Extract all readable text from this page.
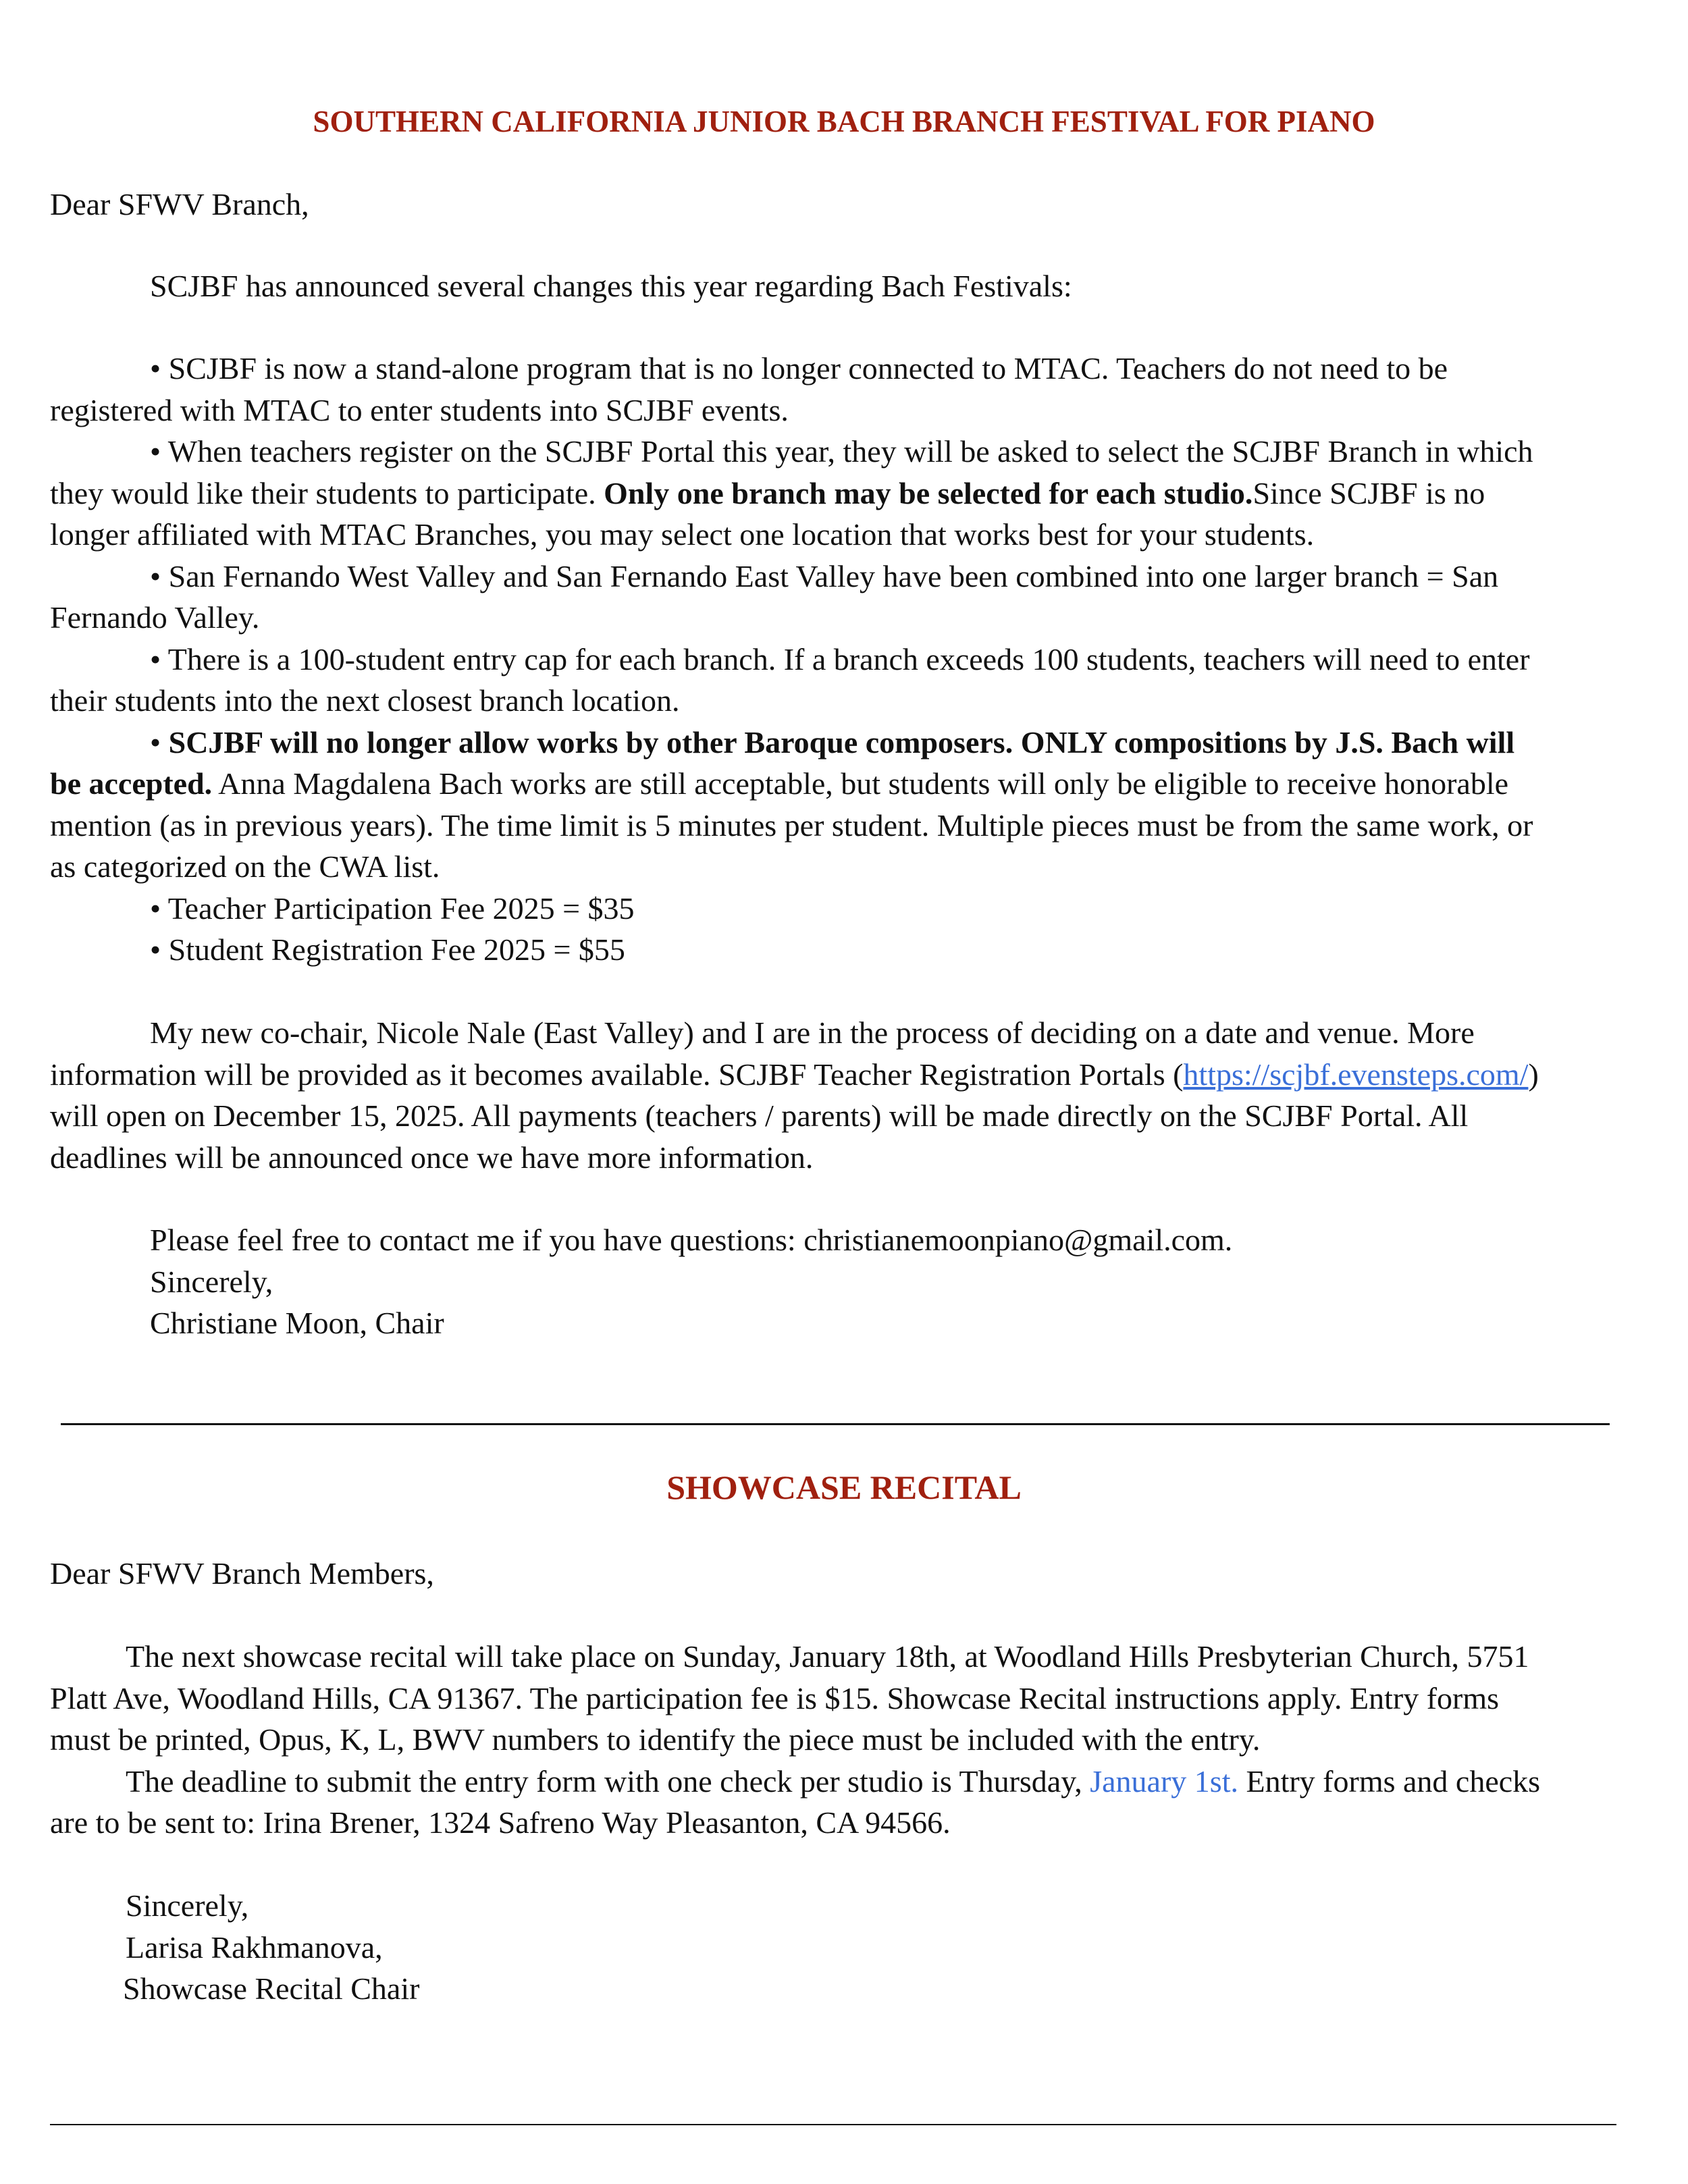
SOUTHERN CALIFORNIA JUNIOR BACH BRANCH FESTIVAL FOR PIANO
Dear SFWV Branch,
SCJBF has announced several changes this year regarding Bach Festivals:
• SCJBF is now a stand-alone program that is no longer connected to MTAC. Teachers do not need to be
registered with MTAC to enter students into SCJBF events.
• When teachers register on the SCJBF Portal this year, they will be asked to select the SCJBF Branch in which
they would like their students to participate. Only one branch may be selected for each studio.Since SCJBF is no
longer affiliated with MTAC Branches, you may select one location that works best for your students.
• San Fernando West Valley and San Fernando East Valley have been combined into one larger branch = San
Fernando Valley.
• There is a 100-student entry cap for each branch. If a branch exceeds 100 students, teachers will need to enter
their students into the next closest branch location.
• SCJBF will no longer allow works by other Baroque composers. ONLY compositions by J.S. Bach will
be accepted. Anna Magdalena Bach works are still acceptable, but students will only be eligible to receive honorable
mention (as in previous years). The time limit is 5 minutes per student. Multiple pieces must be from the same work, or
as categorized on the CWA list.
• Teacher Participation Fee 2025 = $35
• Student Registration Fee 2025 = $55
My new co-chair, Nicole Nale (East Valley) and I are in the process of deciding on a date and venue. More
information will be provided as it becomes available. SCJBF Teacher Registration Portals (https://scjbf.evensteps.com/)
will open on December 15, 2025. All payments (teachers / parents) will be made directly on the SCJBF Portal. All
deadlines will be announced once we have more information.
Please feel free to contact me if you have questions: christianemoonpiano@gmail.com.
Sincerely,
Christiane Moon, Chair
SHOWCASE RECITAL
Dear SFWV Branch Members,
The next showcase recital will take place on Sunday, January 18th, at Woodland Hills Presbyterian Church, 5751
Platt Ave, Woodland Hills, CA 91367. The participation fee is $15. Showcase Recital instructions apply. Entry forms
must be printed, Opus, K, L, BWV numbers to identify the piece must be included with the entry.
The deadline to submit the entry form with one check per studio is Thursday, January 1st. Entry forms and checks
are to be sent to: Irina Brener, 1324 Safreno Way Pleasanton, CA 94566.
Sincerely,
Larisa Rakhmanova,
Showcase Recital Chair
